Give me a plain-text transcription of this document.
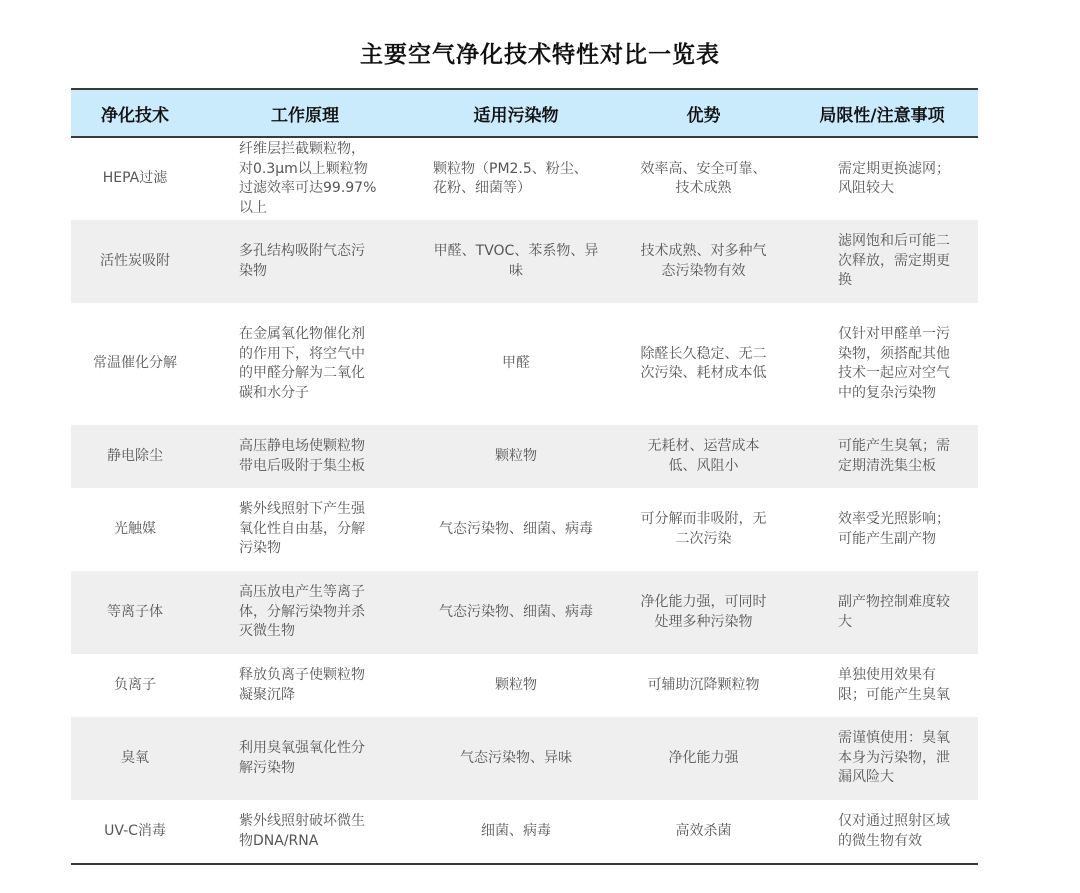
主要空气净化技术特性对比一览表
净化技术	工作原理	适用污染物	优势	局限性/注意事项
HEPA过滤	纤维层拦截颗粒物，对0.3μm以上颗粒物过滤效率可达99.97%以上	颗粒物（PM2.5、粉尘、花粉、细菌等）	效率高、安全可靠、技术成熟	需定期更换滤网；风阻较大
活性炭吸附	多孔结构吸附气态污染物	甲醛、TVOC、苯系物、异味	技术成熟、对多种气态污染物有效	滤网饱和后可能二次释放，需定期更换
常温催化分解	在金属氧化物催化剂的作用下，将空气中的甲醛分解为二氧化碳和水分子	甲醛	除醛长久稳定、无二次污染、耗材成本低	仅针对甲醛单一污染物，须搭配其他技术一起应对空气中的复杂污染物
静电除尘	高压静电场使颗粒物带电后吸附于集尘板	颗粒物	无耗材、运营成本低、风阻小	可能产生臭氧；需定期清洗集尘板
光触媒	紫外线照射下产生强氧化性自由基，分解污染物	气态污染物、细菌、病毒	可分解而非吸附，无二次污染	效率受光照影响；可能产生副产物
等离子体	高压放电产生等离子体，分解污染物并杀灭微生物	气态污染物、细菌、病毒	净化能力强，可同时处理多种污染物	副产物控制难度较大
负离子	释放负离子使颗粒物凝聚沉降	颗粒物	可辅助沉降颗粒物	单独使用效果有限；可能产生臭氧
臭氧	利用臭氧强氧化性分解污染物	气态污染物、异味	净化能力强	需谨慎使用：臭氧本身为污染物，泄漏风险大
UV-C消毒	紫外线照射破坏微生物DNA/RNA	细菌、病毒	高效杀菌	仅对通过照射区域的微生物有效
